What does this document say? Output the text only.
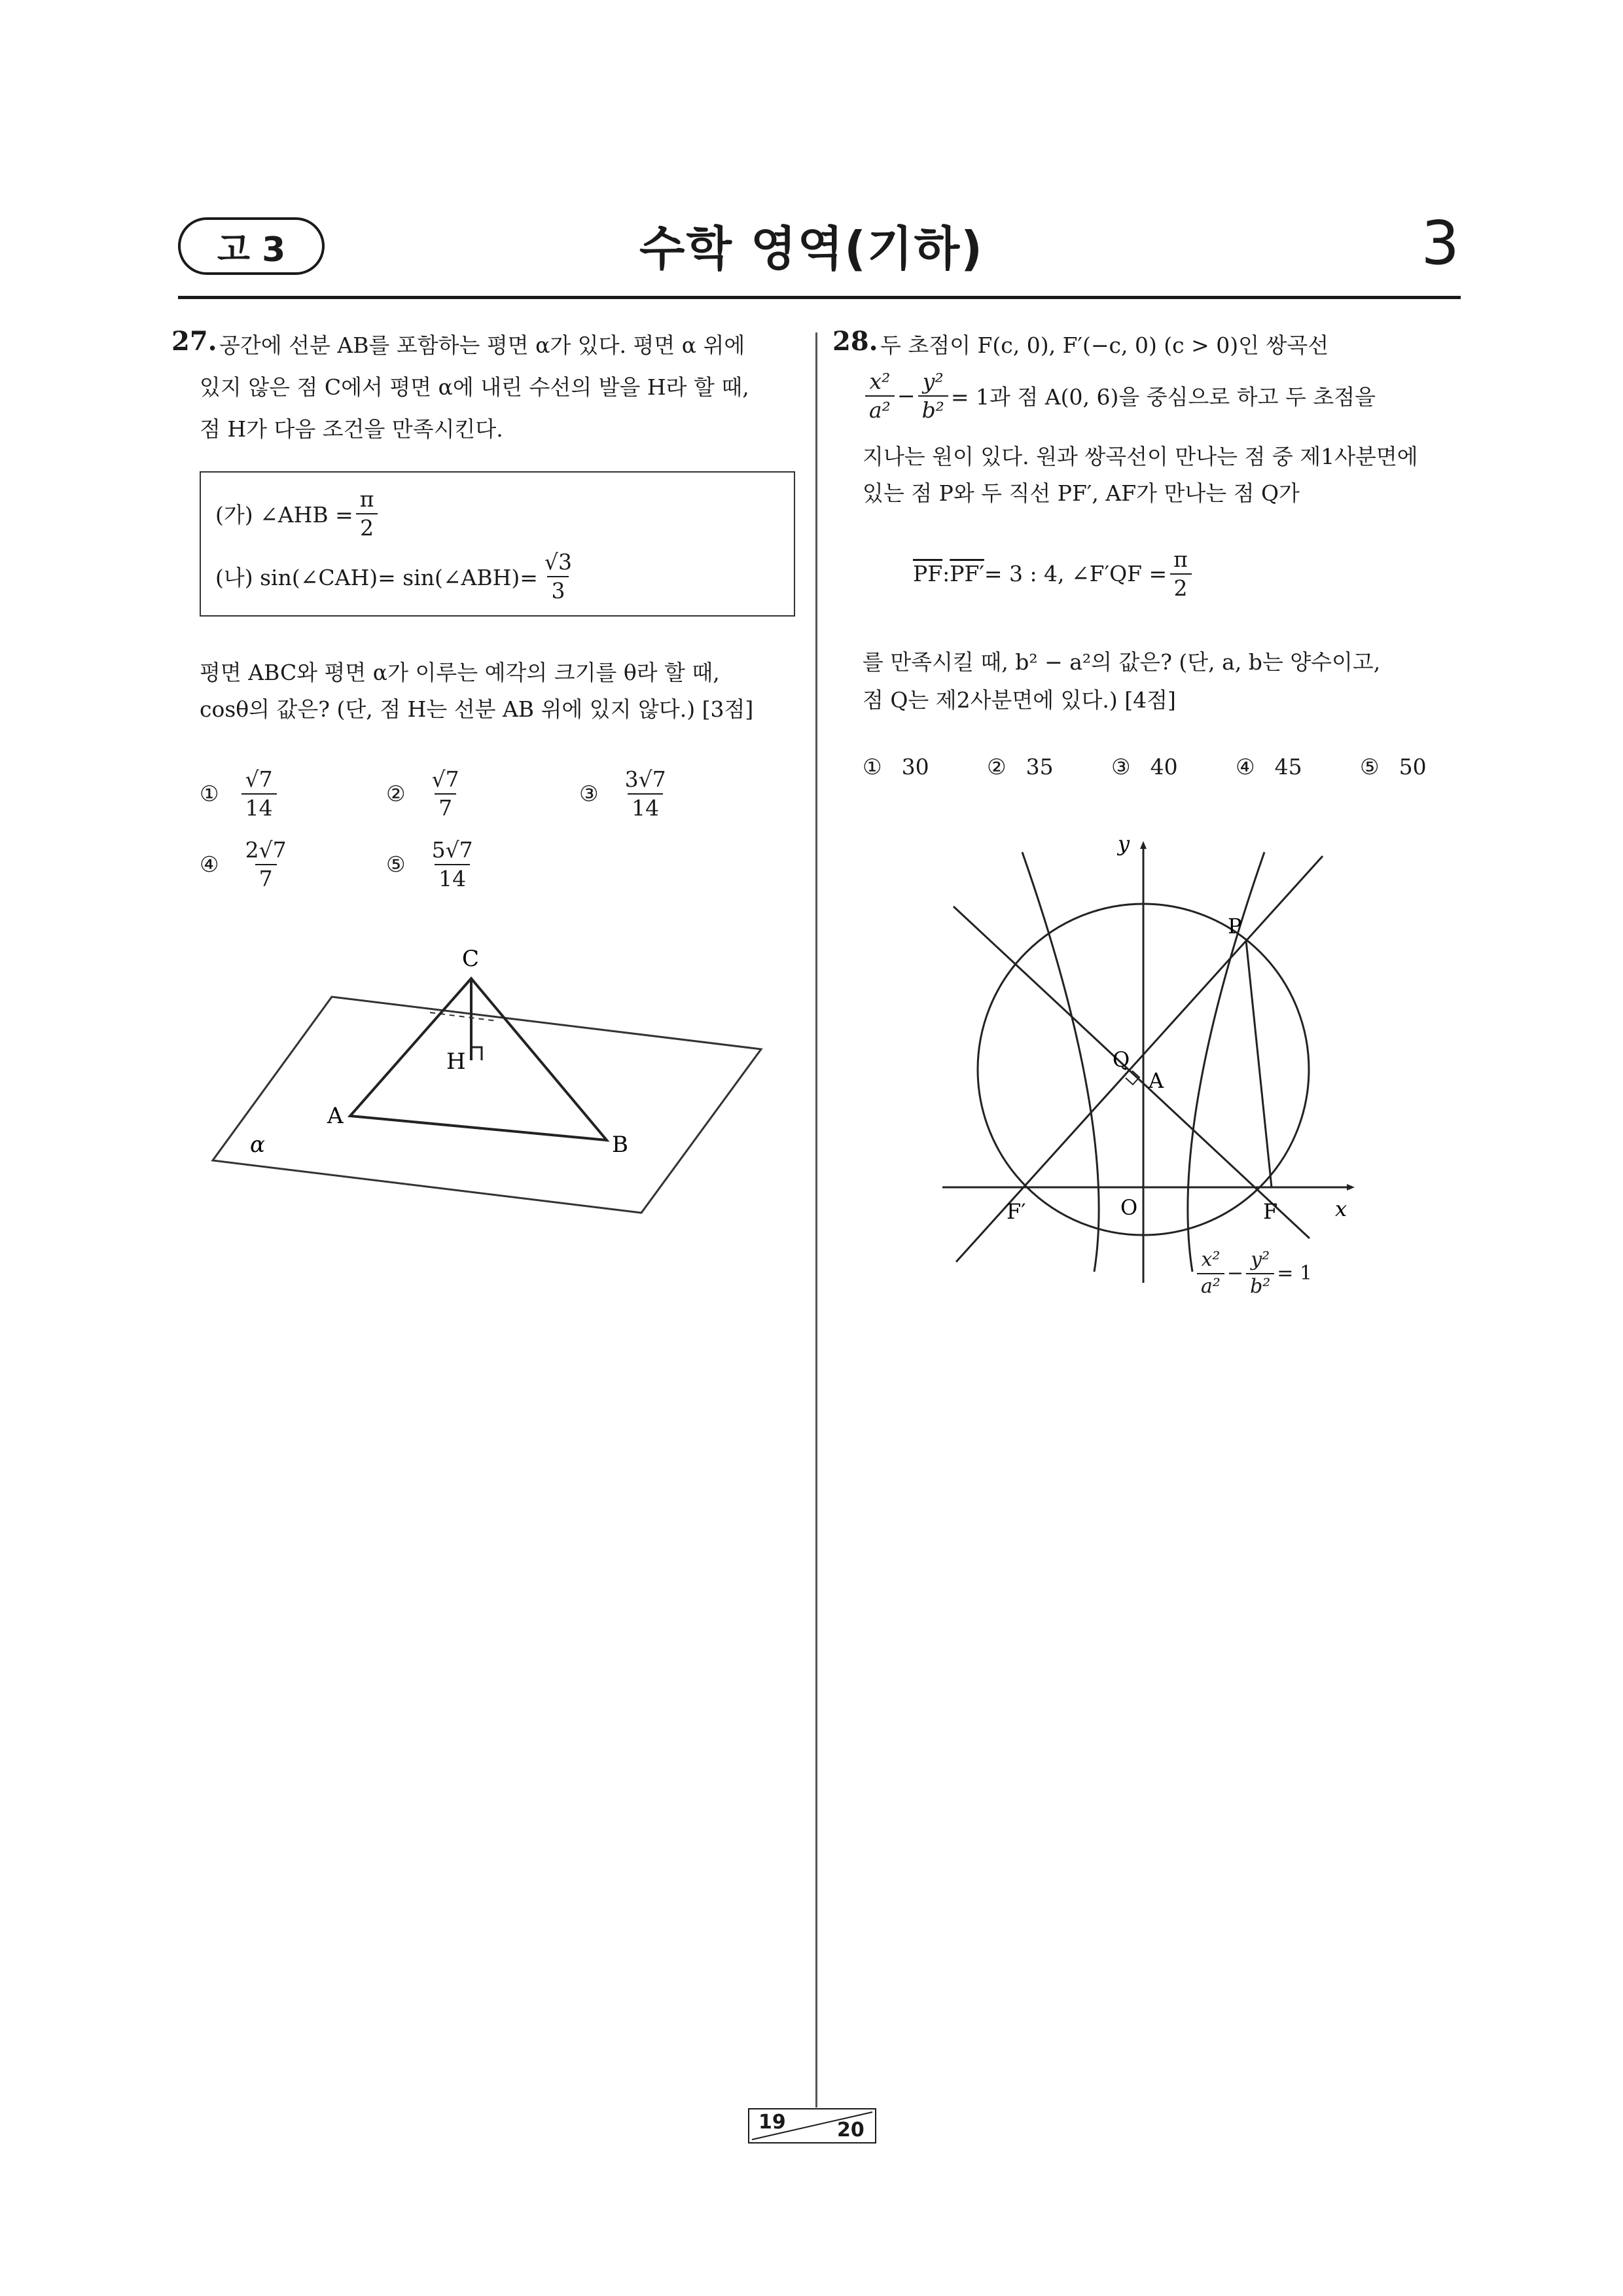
고 3	수학 영역(기하)	3
27. 공간에 선분 AB를 포함하는 평면 α가 있다. 평면 α 위에
있지 않은 점 C에서 평면 α에 내린 수선의 발을 H라 할 때,
점 H가 다음 조건을 만족시킨다.
(가) ∠AHB = $\frac{\pi}{2}$
(나) sin(∠CAH)= sin(∠ABH)= $\frac{√3}{3}$
평면 ABC와 평면 α가 이루는 예각의 크기를 θ라 할 때,
cosθ의 값은? (단, 점 H는 선분 AB 위에 있지 않다.) [3점]
① $\frac{√7}{14}$	② $\frac{√7}{7}$	③ $\frac{3√7}{14}$
④ $\frac{2√7}{7}$	⑤ $\frac{5√7}{14}$
C
H
A
B
α
28. 두 초점이 F(c, 0), F′(−c, 0) (c > 0)인 쌍곡선
$\frac{\text{x²}}{\text{a²}} - \frac{\text{y²}}{\text{b²}} = 1$과 점 A(0, 6)을 중심으로 하고 두 초점을
지나는 원이 있다. 원과 쌍곡선이 만나는 점 중 제1사분면에
있는 점 P와 두 직선 PF′, AF가 만나는 점 Q가
$\overline{PF}$ : PF′ = 3 : 4, ∠F′QF = $\frac{\pi}{2}$
를 만족시킬 때, b² − a²의 값은? (단, a, b는 양수이고,
점 Q는 제2사분면에 있다.) [4점]
① 30	② 35	③ 40	④ 45	⑤ 50
y
x
P
Q
A
O	F
F′
$\frac{\text{x²}}{\text{a²}} - \frac{\text{y²}}{\text{b²}} = 1$
19	20
